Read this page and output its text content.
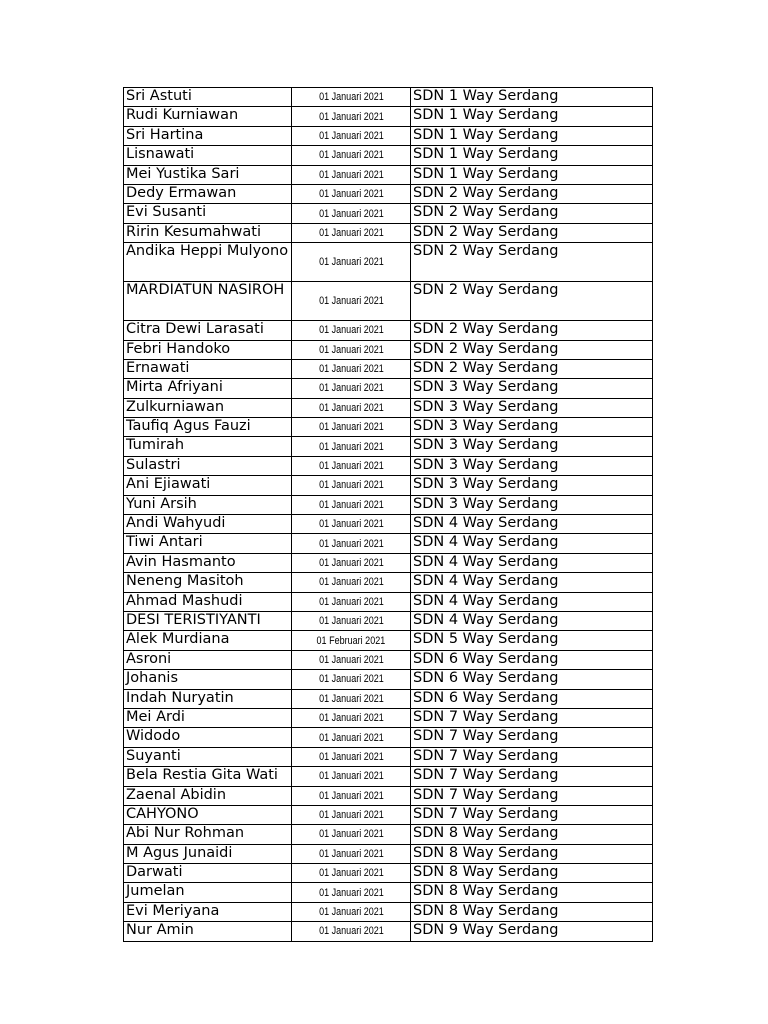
Sri Astuti	01 Januari 2021	SDN 1 Way Serdang
Rudi Kurniawan	01 Januari 2021	SDN 1 Way Serdang
Sri Hartina	01 Januari 2021	SDN 1 Way Serdang
Lisnawati	01 Januari 2021	SDN 1 Way Serdang
Mei Yustika Sari	01 Januari 2021	SDN 1 Way Serdang
Dedy Ermawan	01 Januari 2021	SDN 2 Way Serdang
Evi Susanti	01 Januari 2021	SDN 2 Way Serdang
Ririn Kesumahwati	01 Januari 2021	SDN 2 Way Serdang
Andika Heppi Mulyono	01 Januari 2021	SDN 2 Way Serdang
MARDIATUN NASIROH	01 Januari 2021	SDN 2 Way Serdang
Citra Dewi Larasati	01 Januari 2021	SDN 2 Way Serdang
Febri Handoko	01 Januari 2021	SDN 2 Way Serdang
Ernawati	01 Januari 2021	SDN 2 Way Serdang
Mirta Afriyani	01 Januari 2021	SDN 3 Way Serdang
Zulkurniawan	01 Januari 2021	SDN 3 Way Serdang
Taufiq Agus Fauzi	01 Januari 2021	SDN 3 Way Serdang
Tumirah	01 Januari 2021	SDN 3 Way Serdang
Sulastri	01 Januari 2021	SDN 3 Way Serdang
Ani Ejiawati	01 Januari 2021	SDN 3 Way Serdang
Yuni Arsih	01 Januari 2021	SDN 3 Way Serdang
Andi Wahyudi	01 Januari 2021	SDN 4 Way Serdang
Tiwi Antari	01 Januari 2021	SDN 4 Way Serdang
Avin Hasmanto	01 Januari 2021	SDN 4 Way Serdang
Neneng Masitoh	01 Januari 2021	SDN 4 Way Serdang
Ahmad Mashudi	01 Januari 2021	SDN 4 Way Serdang
DESI TERISTIYANTI	01 Januari 2021	SDN 4 Way Serdang
Alek Murdiana	01 Februari 2021	SDN 5 Way Serdang
Asroni	01 Januari 2021	SDN 6 Way Serdang
Johanis	01 Januari 2021	SDN 6 Way Serdang
Indah Nuryatin	01 Januari 2021	SDN 6 Way Serdang
Mei Ardi	01 Januari 2021	SDN 7 Way Serdang
Widodo	01 Januari 2021	SDN 7 Way Serdang
Suyanti	01 Januari 2021	SDN 7 Way Serdang
Bela Restia Gita Wati	01 Januari 2021	SDN 7 Way Serdang
Zaenal Abidin	01 Januari 2021	SDN 7 Way Serdang
CAHYONO	01 Januari 2021	SDN 7 Way Serdang
Abi Nur Rohman	01 Januari 2021	SDN 8 Way Serdang
M Agus Junaidi	01 Januari 2021	SDN 8 Way Serdang
Darwati	01 Januari 2021	SDN 8 Way Serdang
Jumelan	01 Januari 2021	SDN 8 Way Serdang
Evi Meriyana	01 Januari 2021	SDN 8 Way Serdang
Nur Amin	01 Januari 2021	SDN 9 Way Serdang
